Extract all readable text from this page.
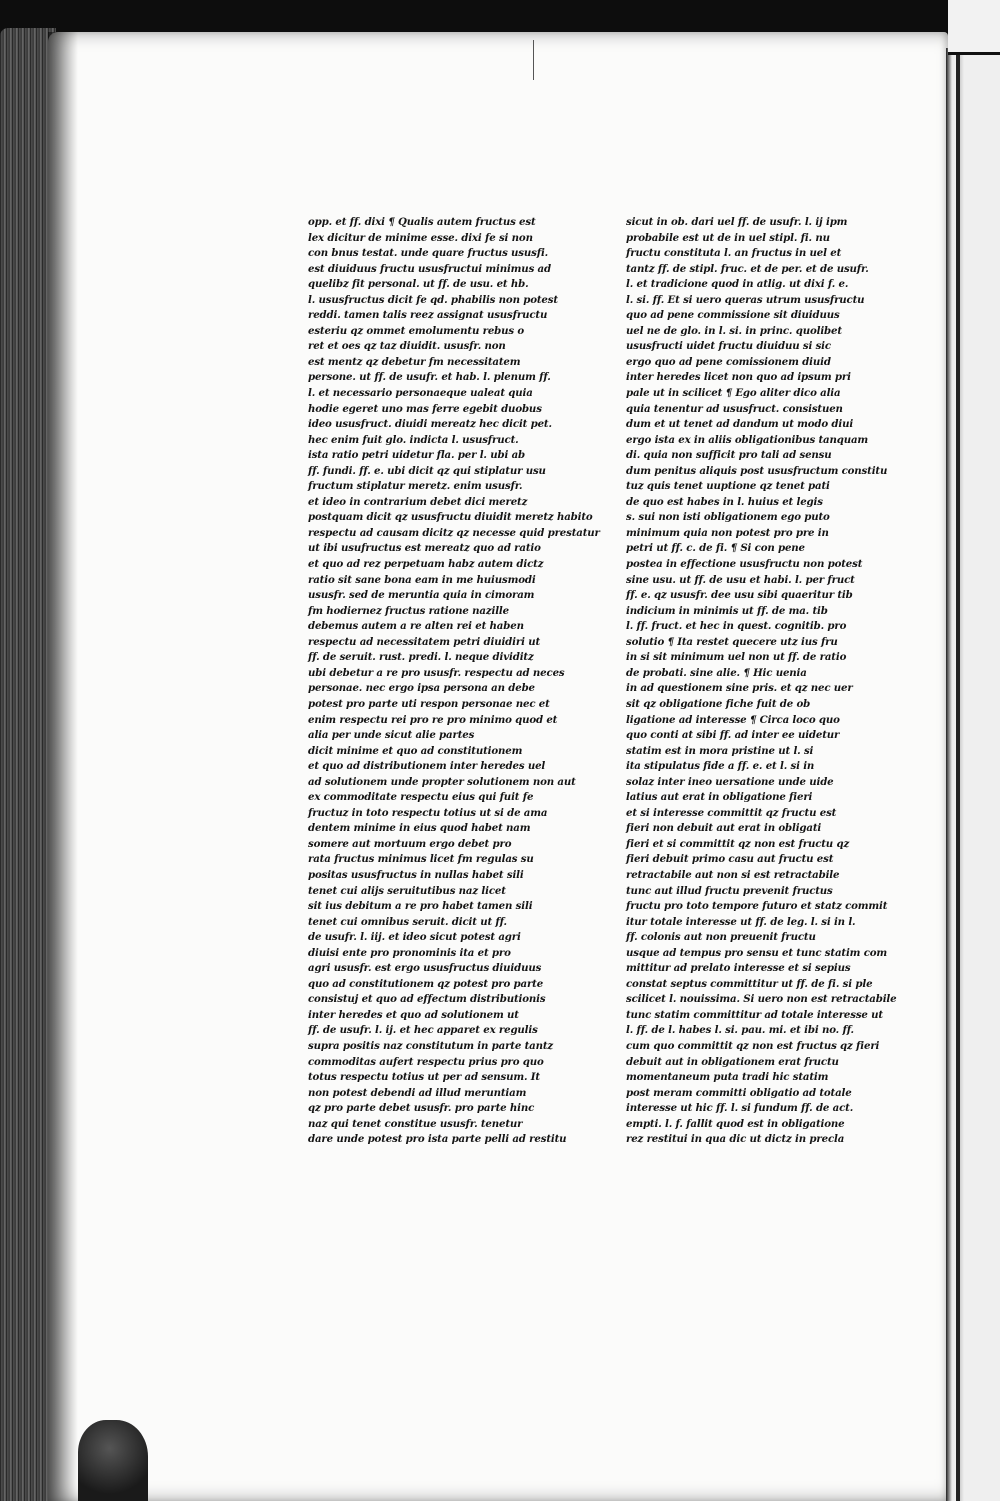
opp. et ff. dixi ¶ Qualis autem fructus est
lex dicitur de minime esse. dixi fe si non
con bnus testat. unde quare fructus ususfi.
est diuiduus fructu ususfructui minimus ad
quelibz fit personal. ut ff. de usu. et hb.
l. ususfructus dicit fe qd. phabilis non potest
reddi. tamen talis reez assignat ususfructu
esteriu qz ommet emolumentu rebus o
ret et oes qz taz diuidit. ususfr. non
est mentz qz debetur fm necessitatem
persone. ut ff. de usufr. et hab. l. plenum ff.
l. et necessario personaeque ualeat quia
hodie egeret uno mas ferre egebit duobus
ideo ususfruct. diuidi mereatz hec dicit pet.
hec enim fuit glo. indicta l. ususfruct.
ista ratio petri uidetur fla. per l. ubi ab
ff. fundi. ff. e. ubi dicit qz qui stiplatur usu
fructum stiplatur meretz. enim ususfr.
et ideo in contrarium debet dici meretz
postquam dicit qz ususfructu diuidit meretz habito
respectu ad causam dicitz qz necesse quid prestatur
ut ibi usufructus est mereatz quo ad ratio
et quo ad rez perpetuam habz autem dictz
ratio sit sane bona eam in me huiusmodi
ususfr. sed de meruntia quia in cimoram
fm hodiernez fructus ratione nazille
debemus autem a re alten rei et haben
respectu ad necessitatem petri diuidiri ut
ff. de seruit. rust. predi. l. neque dividitz
ubi debetur a re pro ususfr. respectu ad neces
personae. nec ergo ipsa persona an debe
potest pro parte uti respon personae nec et
enim respectu rei pro re pro minimo quod et
alia per unde sicut alie partes
dicit minime et quo ad constitutionem
et quo ad distributionem inter heredes uel
ad solutionem unde propter solutionem non aut
ex commoditate respectu eius qui fuit fe
fructuz in toto respectu totius ut si de ama
dentem minime in eius quod habet nam
somere aut mortuum ergo debet pro
rata fructus minimus licet fm regulas su
positas ususfructus in nullas habet sili
tenet cui alijs seruitutibus naz licet
sit ius debitum a re pro habet tamen sili
tenet cui omnibus seruit. dicit ut ff.
de usufr. l. iij. et ideo sicut potest agri
diuisi ente pro pronominis ita et pro
agri ususfr. est ergo ususfructus diuiduus
quo ad constitutionem qz potest pro parte
consistuj et quo ad effectum distributionis
inter heredes et quo ad solutionem ut
ff. de usufr. l. ij. et hec apparet ex regulis
supra positis naz constitutum in parte tantz
commoditas aufert respectu prius pro quo
totus respectu totius ut per ad sensum. It
non potest debendi ad illud meruntiam
qz pro parte debet ususfr. pro parte hinc
naz qui tenet constitue ususfr. tenetur
dare unde potest pro ista parte pelli ad restitu
sicut in ob. dari uel ff. de usufr. l. ij ipm
probabile est ut de in uel stipl. fi. nu
fructu constituta l. an fructus in uel et
tantz ff. de stipl. fruc. et de per. et de usufr.
l. et tradicione quod in atlig. ut dixi f. e.
l. si. ff. Et si uero queras utrum ususfructu
quo ad pene commissione sit diuiduus
uel ne de glo. in l. si. in princ. quolibet
ususfructi uidet fructu diuiduu si sic
ergo quo ad pene comissionem diuid
inter heredes licet non quo ad ipsum pri
pale ut in scilicet ¶ Ego aliter dico alia
quia tenentur ad ususfruct. consistuen
dum et ut tenet ad dandum ut modo diui
ergo ista ex in aliis obligationibus tanquam
di. quia non sufficit pro tali ad sensu
dum penitus aliquis post ususfructum constitu
tuz quis tenet uuptione qz tenet pati
de quo est habes in l. huius et legis
s. sui non isti obligationem ego puto
minimum quia non potest pro pre in
petri ut ff. c. de fi. ¶ Si con pene
postea in effectione ususfructu non potest
sine usu. ut ff. de usu et habi. l. per fruct
ff. e. qz ususfr. dee usu sibi quaeritur tib
indicium in minimis ut ff. de ma. tib
l. ff. fruct. et hec in quest. cognitib. pro
solutio ¶ Ita restet quecere utz ius fru
in si sit minimum uel non ut ff. de ratio
de probati. sine alie. ¶ Hic uenia
in ad questionem sine pris. et qz nec uer
sit qz obligatione fiche fuit de ob
ligatione ad interesse ¶ Circa loco quo
quo conti at sibi ff. ad inter ee uidetur
statim est in mora pristine ut l. si
ita stipulatus fide a ff. e. et l. si in
solaz inter ineo uersatione unde uide
latius aut erat in obligatione fieri
et si interesse committit qz fructu est
fieri non debuit aut erat in obligati
fieri et si committit qz non est fructu qz
fieri debuit primo casu aut fructu est
retractabile aut non si est retractabile
tunc aut illud fructu prevenit fructus
fructu pro toto tempore futuro et statz commit
itur totale interesse ut ff. de leg. l. si in l.
ff. colonis aut non preuenit fructu
usque ad tempus pro sensu et tunc statim com
mittitur ad prelato interesse et si sepius
constat septus committitur ut ff. de fi. si ple
scilicet l. nouissima. Si uero non est retractabile
tunc statim committitur ad totale interesse ut
l. ff. de l. habes l. si. pau. mi. et ibi no. ff.
cum quo committit qz non est fructus qz fieri
debuit aut in obligationem erat fructu
momentaneum puta tradi hic statim
post meram committi obligatio ad totale
interesse ut hic ff. l. si fundum ff. de act.
empti. l. f. fallit quod est in obligatione
rez restitui in qua dic ut dictz in precla
